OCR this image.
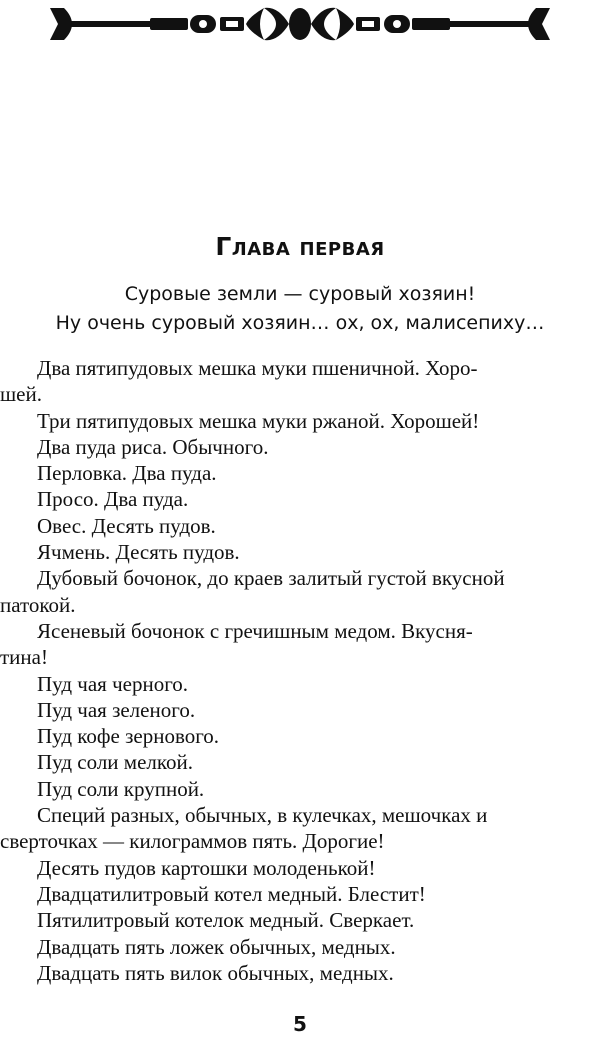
Глава первая
Суровые земли — суровый хозяин!
Ну очень суровый хозяин… ох, ох, малисепиху…

Два пятипудовых мешка муки пшеничной. Хоро-
шей.

Три пятипудовых мешка муки ржаной. Хорошей!

Два пуда риса. Обычного.

Перловка. Два пуда.

Просо. Два пуда.

Овес. Десять пудов.

Ячмень. Десять пудов.

Дубовый бочонок, до краев залитый густой вкусной
патокой.

Ясеневый бочонок с гречишным медом. Вкусня-
тина!

Пуд чая черного.

Пуд чая зеленого.

Пуд кофе зернового.

Пуд соли мелкой.

Пуд соли крупной.

Специй разных, обычных, в кулечках, мешочках и
сверточках — килограммов пять. Дорогие!

Десять пудов картошки молоденькой!

Двадцатилитровый котел медный. Блестит!

Пятилитровый котелок медный. Сверкает.

Двадцать пять ложек обычных, медных.

Двадцать пять вилок обычных, медных.

5
